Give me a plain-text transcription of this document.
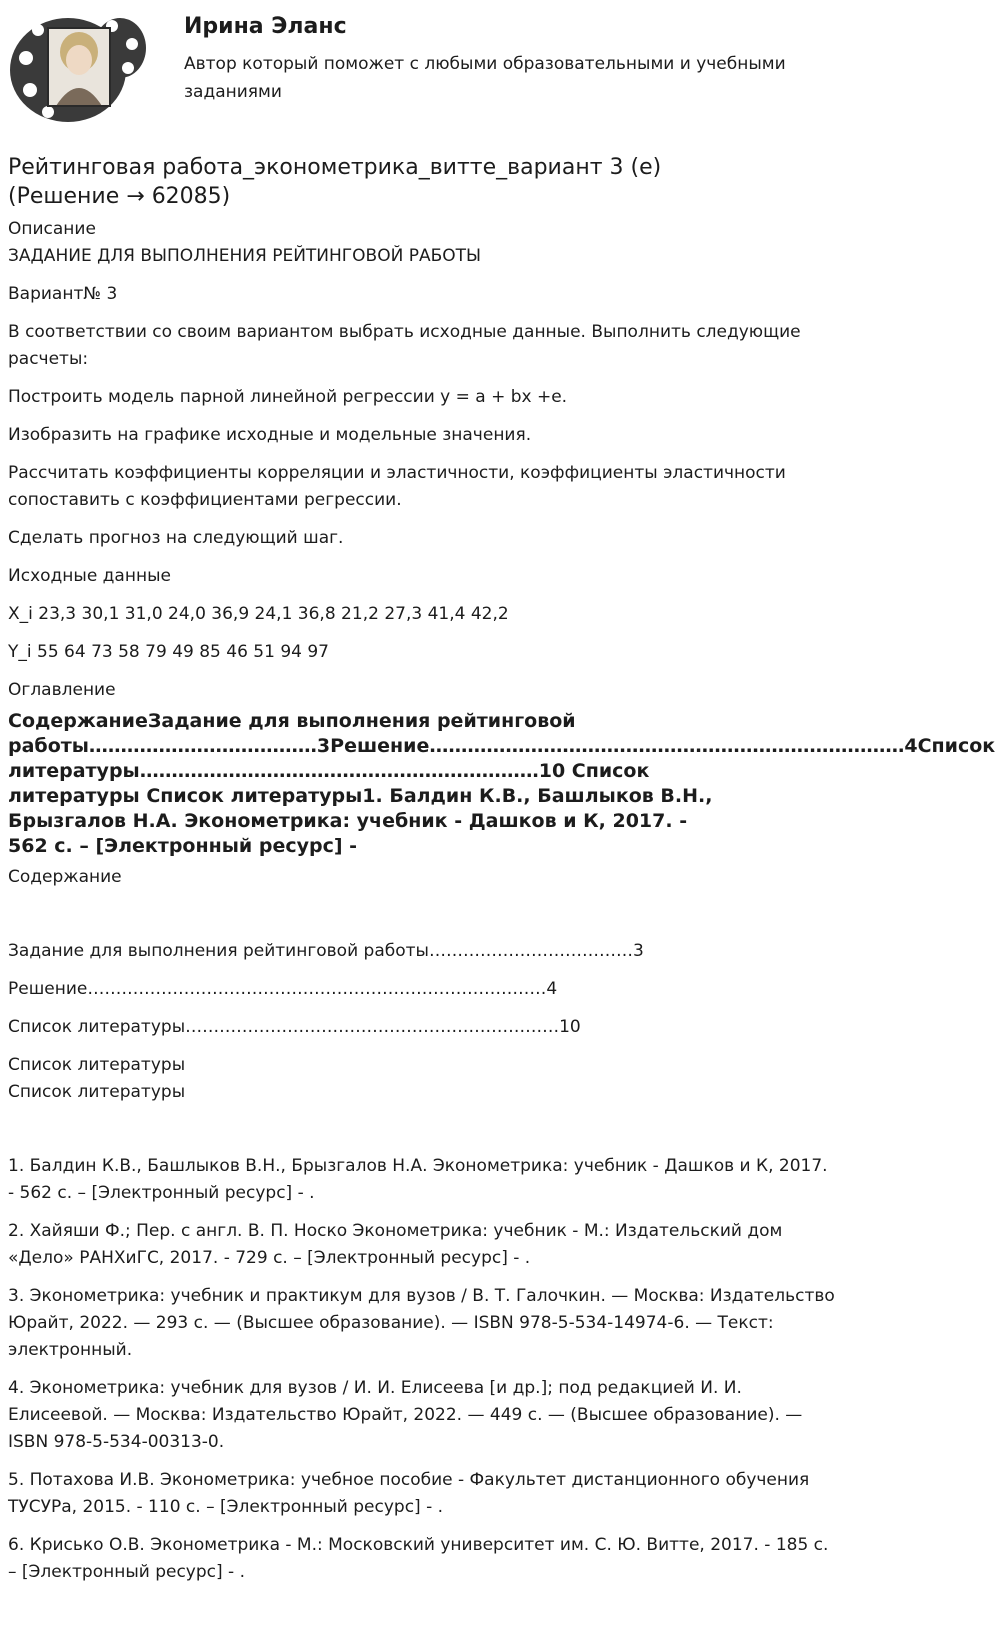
Ирина Эланс

Автор который поможет с любыми образовательными и учебными заданиями

Рейтинговая работа_эконометрика_витте_вариант 3 (е)
(Решение → 62085)

Описание

ЗАДАНИЕ ДЛЯ ВЫПОЛНЕНИЯ РЕЙТИНГОВОЙ РАБОТЫ

Вариант№ 3

В соответствии со своим вариантом выбрать исходные данные. Выполнить следующие расчеты:

Построить модель парной линейной регрессии y = a + bx +e.

Изобразить на графике исходные и модельные значения.

Рассчитать коэффициенты корреляции и эластичности, коэффициенты эластичности сопоставить с коэффициентами регрессии.

Сделать прогноз на следующий шаг.

Исходные данные

X_i 23,3 30,1 31,0 24,0 36,9 24,1 36,8 21,2 27,3 41,4 42,2

Y_i 55 64 73 58 79 49 85 46 51 94 97

Оглавление

СодержаниеЗадание для выполнения рейтинговой
работы………………………………3Решение…………………………………………………………………4Список
литературы………………………………………………………10 Список
литературы Список литературы1. Балдин К.В., Башлыков В.Н.,
Брызгалов Н.А. Эконометрика: учебник - Дашков и К, 2017. -
562 с. – [Электронный ресурс] -

Содержание

Задание для выполнения рейтинговой работы………………………………3

Решение………………………………………………………………………4

Список литературы…………………………………………………………10

Список литературы

Список литературы

1. Балдин К.В., Башлыков В.Н., Брызгалов Н.А. Эконометрика: учебник - Дашков и К, 2017. - 562 с. – [Электронный ресурс] - .

2. Хайяши Ф.; Пер. с англ. В. П. Носко Эконометрика: учебник - М.: Издательский дом «Дело» РАНХиГС, 2017. - 729 с. – [Электронный ресурс] - .

3. Эконометрика: учебник и практикум для вузов / В. Т. Галочкин. — Москва: Издательство Юрайт, 2022. — 293 с. — (Высшее образование). — ISBN 978-5-534-14974-6. — Текст: электронный.

4. Эконометрика: учебник для вузов / И. И. Елисеева [и др.]; под редакцией И. И. Елисеевой. — Москва: Издательство Юрайт, 2022. — 449 с. — (Высшее образование). — ISBN 978-5-534-00313-0.

5. Потахова И.В. Эконометрика: учебное пособие - Факультет дистанционного обучения ТУСУРа, 2015. - 110 с. – [Электронный ресурс] - .

6. Крисько О.В. Эконометрика - М.: Московский университет им. С. Ю. Витте, 2017. - 185 с. – [Электронный ресурс] - .
